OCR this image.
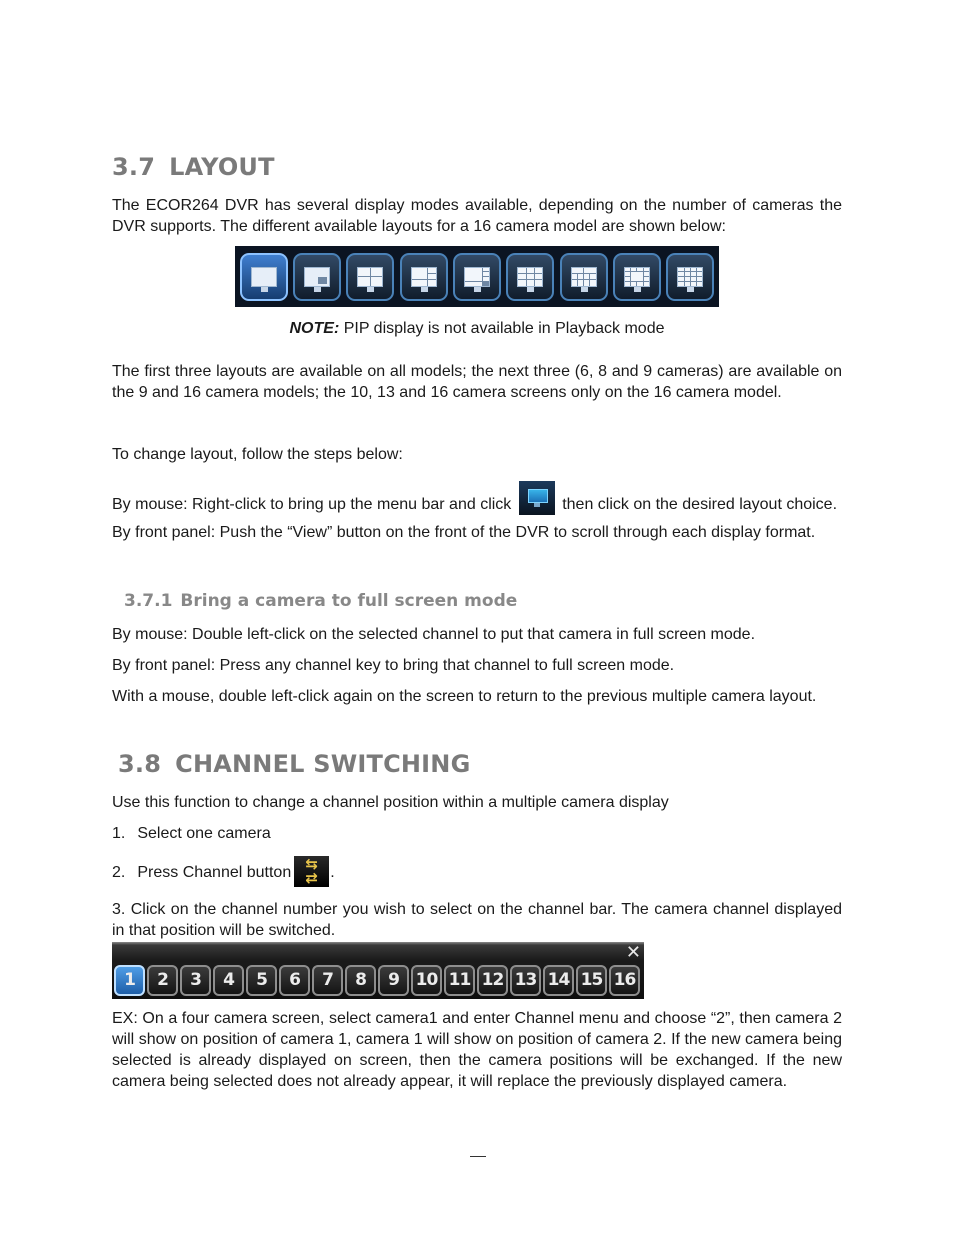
3.7 LAYOUT

The ECOR264 DVR has several display modes available, depending on the number of cameras the DVR supports. The different available layouts for a 16 camera model are shown below:

NOTE: PIP display is not available in Playback mode

The first three layouts are available on all models; the next three (6, 8 and 9 cameras) are available on the 9 and 16 camera models; the 10, 13 and 16 camera screens only on the 16 camera model.

To change layout, follow the steps below:

By mouse: Right-click to bring up the menu bar and click	then click on the desired layout choice.

By front panel: Push the “View” button on the front of the DVR to scroll through each display format.

3.7.1 Bring a camera to full screen mode

By mouse: Double left-click on the selected channel to put that camera in full screen mode.

By front panel: Press any channel key to bring that channel to full screen mode.

With a mouse, double left-click again on the screen to return to the previous multiple camera layout.

3.8 CHANNEL SWITCHING

Use this function to change a channel position within a multiple camera display

1. Select one camera

2. Press Channel button ⇆
⇄ .

3. Click on the channel number you wish to select on the channel bar. The camera channel displayed in that position will be switched.

✕
1	2	3	4	5	6	7	8	9 10 11 12 13 14 15 16

EX: On a four camera screen, select camera1 and enter Channel menu and choose “2”, then camera 2 will show on position of camera 1, camera 1 will show on position of camera 2. If the new camera being selected is already displayed on screen, then the camera positions will be exchanged. If the new camera being selected does not already appear, it will replace the previously displayed camera.
